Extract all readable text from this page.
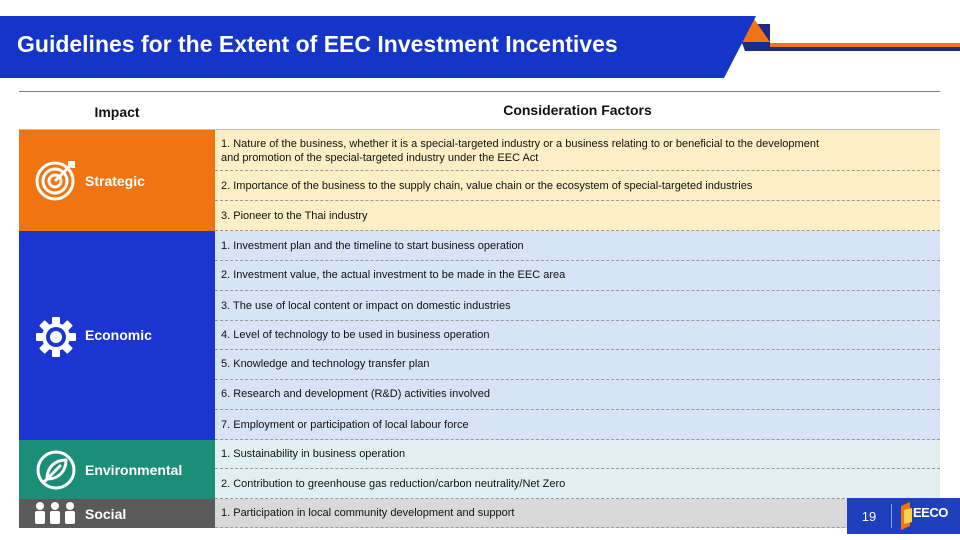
Guidelines for the Extent of EEC Investment Incentives
Impact	Consideration Factors
Strategic
1. Nature of the business, whether it is a special-targeted industry or a business relating to or beneficial to the development
and promotion of the special-targeted industry under the EEC Act
2. Importance of the business to the supply chain, value chain or the ecosystem of special-targeted industries
3. Pioneer to the Thai industry
Economic
1. Investment plan and the timeline to start business operation
2. Investment value, the actual investment to be made in the EEC area
3. The use of local content or impact on domestic industries
4. Level of technology to be used in business operation
5. Knowledge and technology transfer plan
6. Research and development (R&D) activities involved
7. Employment or participation of local labour force
Environmental
1. Sustainability in business operation
2. Contribution to greenhouse gas reduction/carbon neutrality/Net Zero
Social	1. Participation in local community development and support	19	EECO
